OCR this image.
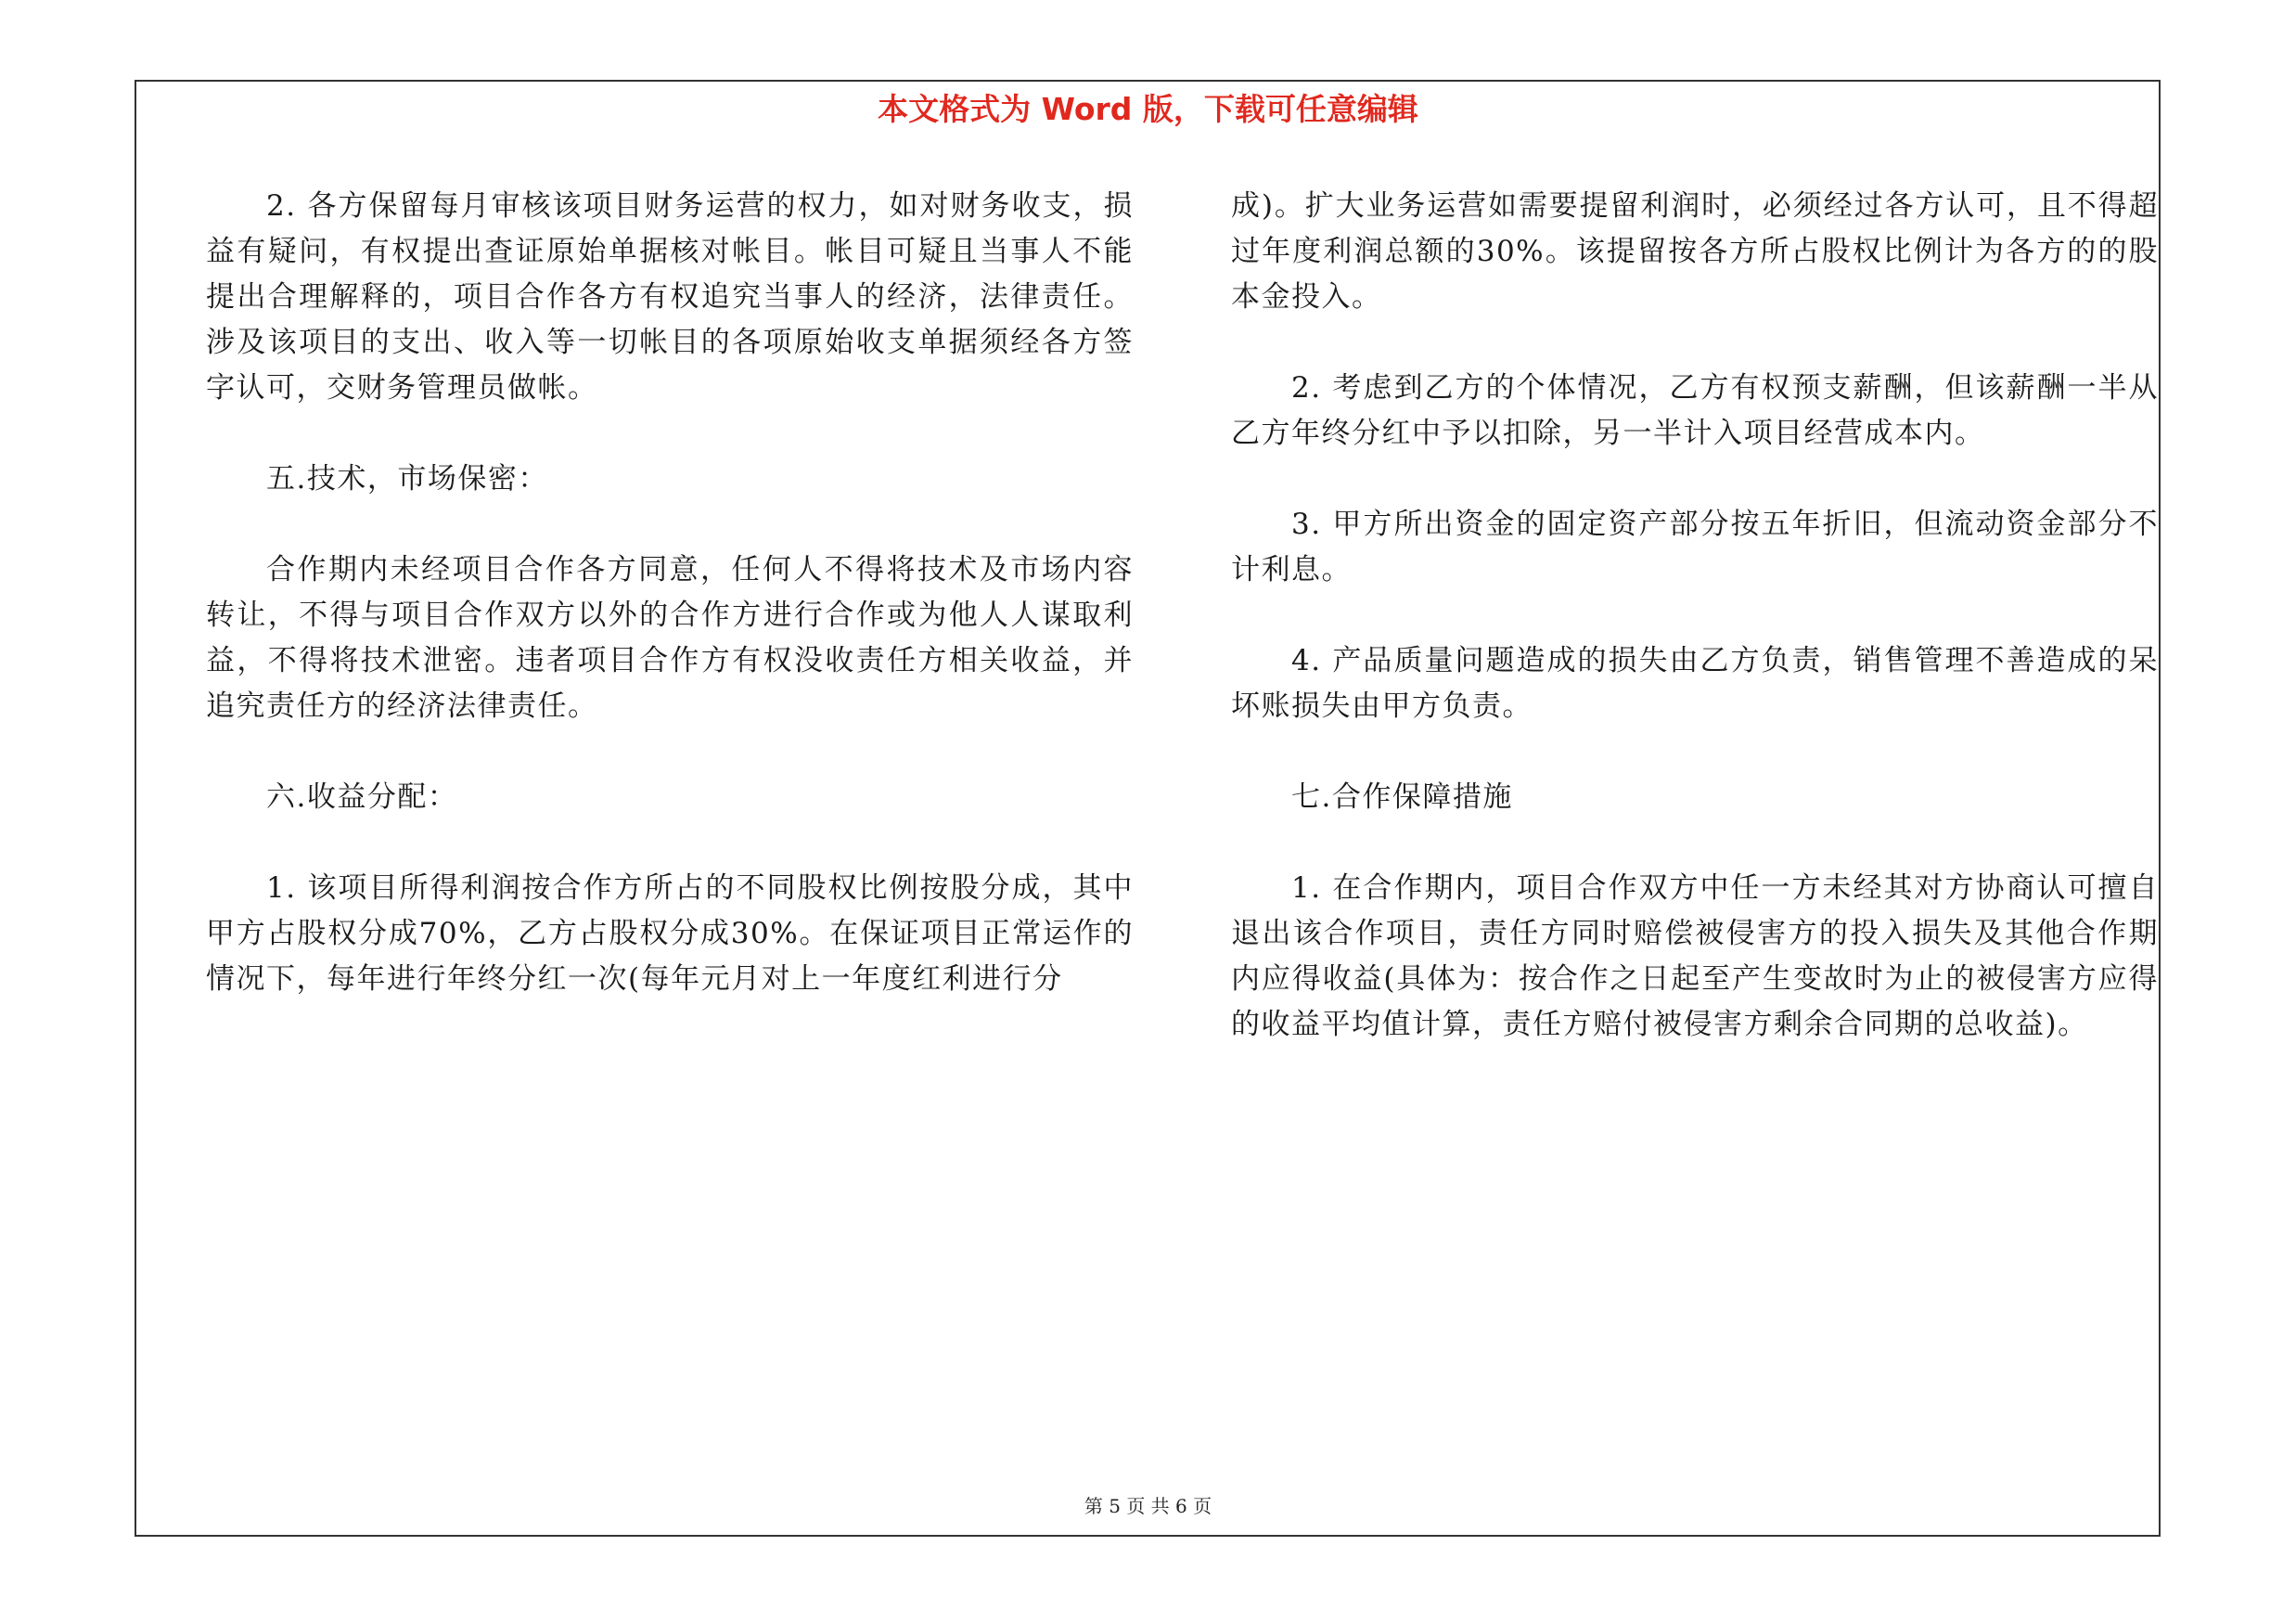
本文格式为 Word 版，下载可任意编辑

2. 各方保留每月审核该项目财务运营的权力，如对财务收支，损益有疑问，有权提出查证原始单据核对帐目。帐目可疑且当事人不能提出合理解释的，项目合作各方有权追究当事人的经济，法律责任。涉及该项目的支出、收入等一切帐目的各项原始收支单据须经各方签字认可，交财务管理员做帐。

五.技术，市场保密：

合作期内未经项目合作各方同意，任何人不得将技术及市场内容转让，不得与项目合作双方以外的合作方进行合作或为他人人谋取利益，不得将技术泄密。违者项目合作方有权没收责任方相关收益，并追究责任方的经济法律责任。

六.收益分配：

1. 该项目所得利润按合作方所占的不同股权比例按股分成，其中甲方占股权分成70%，乙方占股权分成30%。在保证项目正常运作的情况下，每年进行年终分红一次(每年元月对上一年度红利进行分

成)。扩大业务运营如需要提留利润时，必须经过各方认可，且不得超过年度利润总额的30%。该提留按各方所占股权比例计为各方的的股本金投入。

2. 考虑到乙方的个体情况，乙方有权预支薪酬，但该薪酬一半从乙方年终分红中予以扣除，另一半计入项目经营成本内。

3. 甲方所出资金的固定资产部分按五年折旧，但流动资金部分不计利息。

4. 产品质量问题造成的损失由乙方负责，销售管理不善造成的呆坏账损失由甲方负责。

七.合作保障措施

1. 在合作期内，项目合作双方中任一方未经其对方协商认可擅自退出该合作项目，责任方同时赔偿被侵害方的投入损失及其他合作期内应得收益(具体为：按合作之日起至产生变故时为止的被侵害方应得的收益平均值计算，责任方赔付被侵害方剩余合同期的总收益)。

第 5 页 共 6 页
